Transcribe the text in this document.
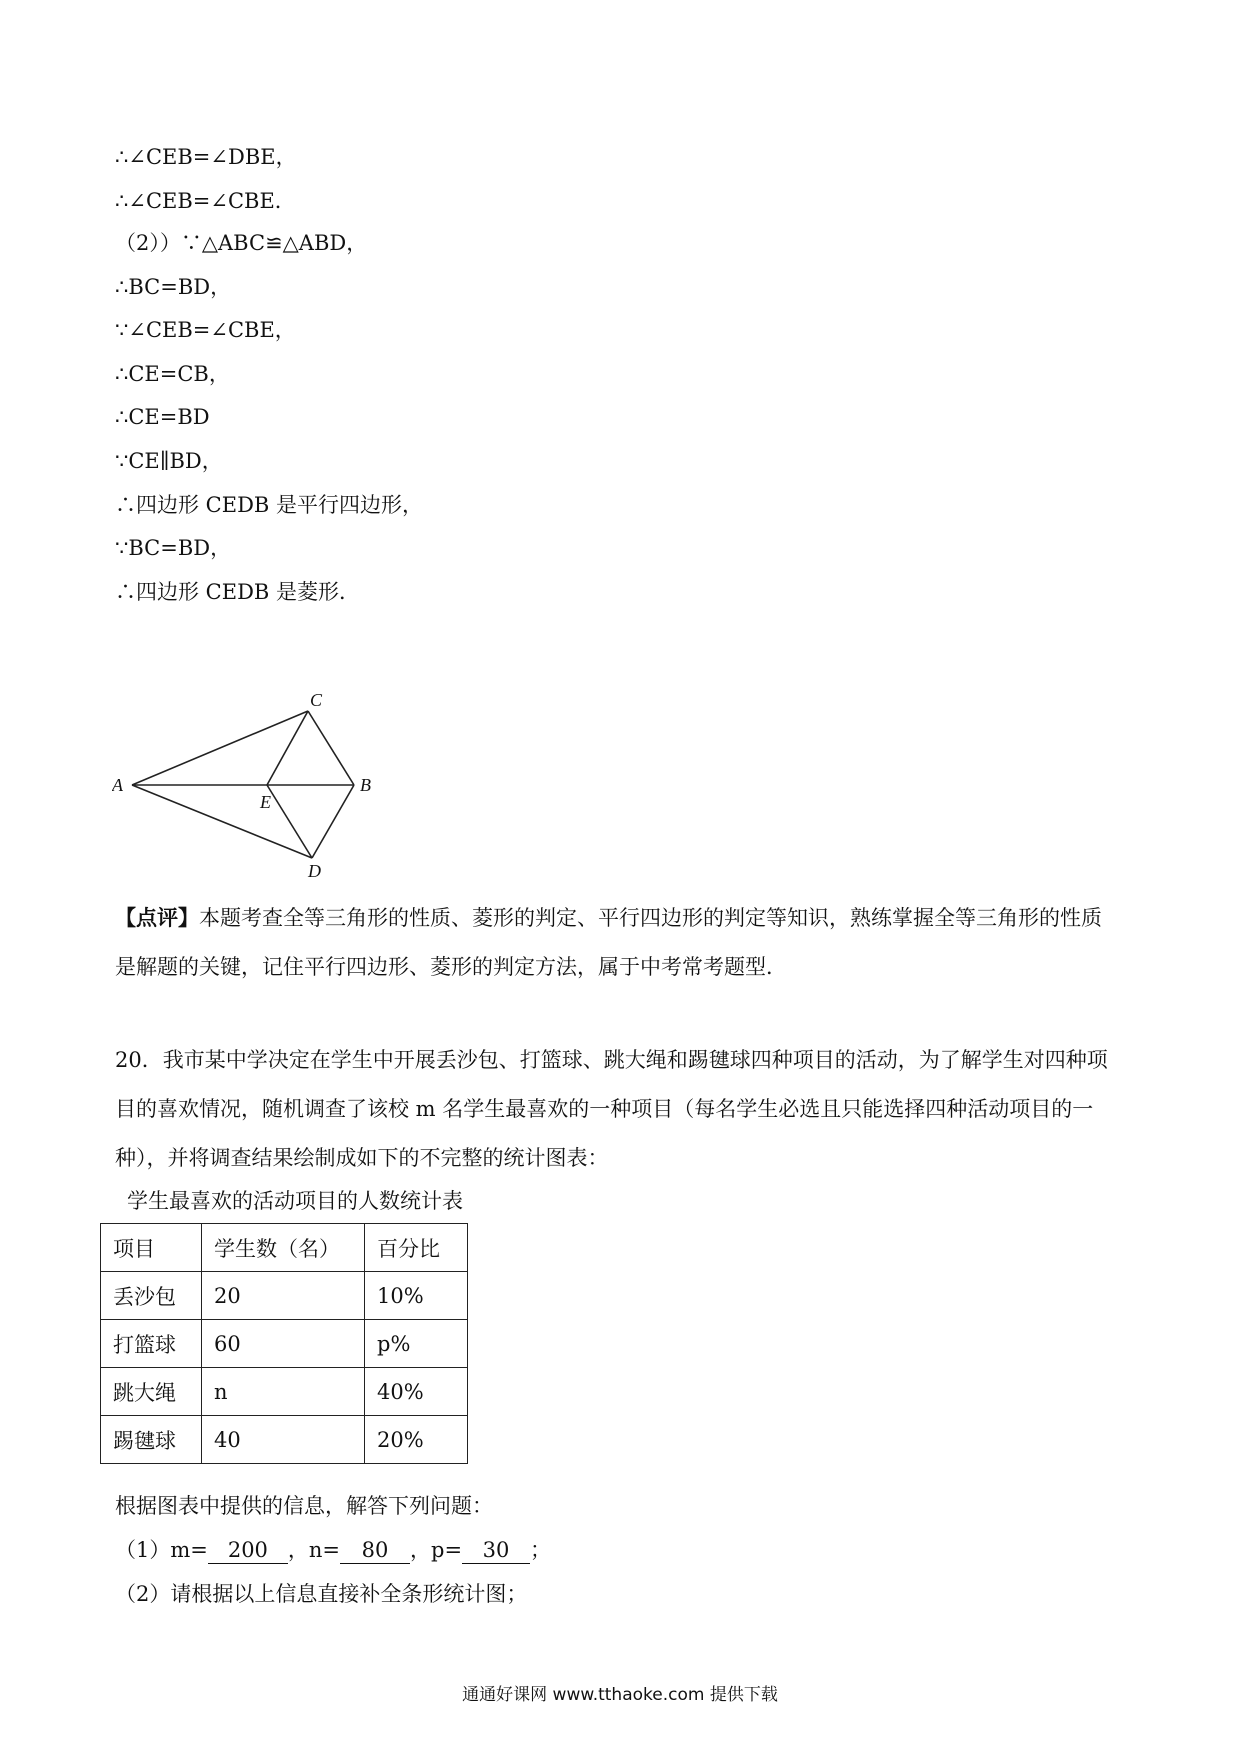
∴∠CEB=∠DBE，
∴∠CEB=∠CBE．
（2））∵△ABC≌△ABD，
∴BC=BD，
∵∠CEB=∠CBE，
∴CE=CB，
∴CE=BD
∵CE∥BD，
∴四边形 CEDB 是平行四边形，
∵BC=BD，
∴四边形 CEDB 是菱形．
A
C
B
E
D
【点评】本题考查全等三角形的性质、菱形的判定、平行四边形的判定等知识，熟练掌握全等三角形的性质是解题的关键，记住平行四边形、菱形的判定方法，属于中考常考题型．
20．我市某中学决定在学生中开展丢沙包、打篮球、跳大绳和踢毽球四种项目的活动，为了解学生对四种项目的喜欢情况，随机调查了该校 m 名学生最喜欢的一种项目（每名学生必选且只能选择四种活动项目的一种），并将调查结果绘制成如下的不完整的统计图表：
学生最喜欢的活动项目的人数统计表
项目	学生数（名）	百分比
丢沙包	20	10%
打篮球	60	p%
跳大绳	n	40%
踢毽球	40	20%
根据图表中提供的信息，解答下列问题：
（1）m= 200 ，n= 80 ，p= 30 ；
（2）请根据以上信息直接补全条形统计图；
通通好课网 www.tthaoke.com 提供下载
